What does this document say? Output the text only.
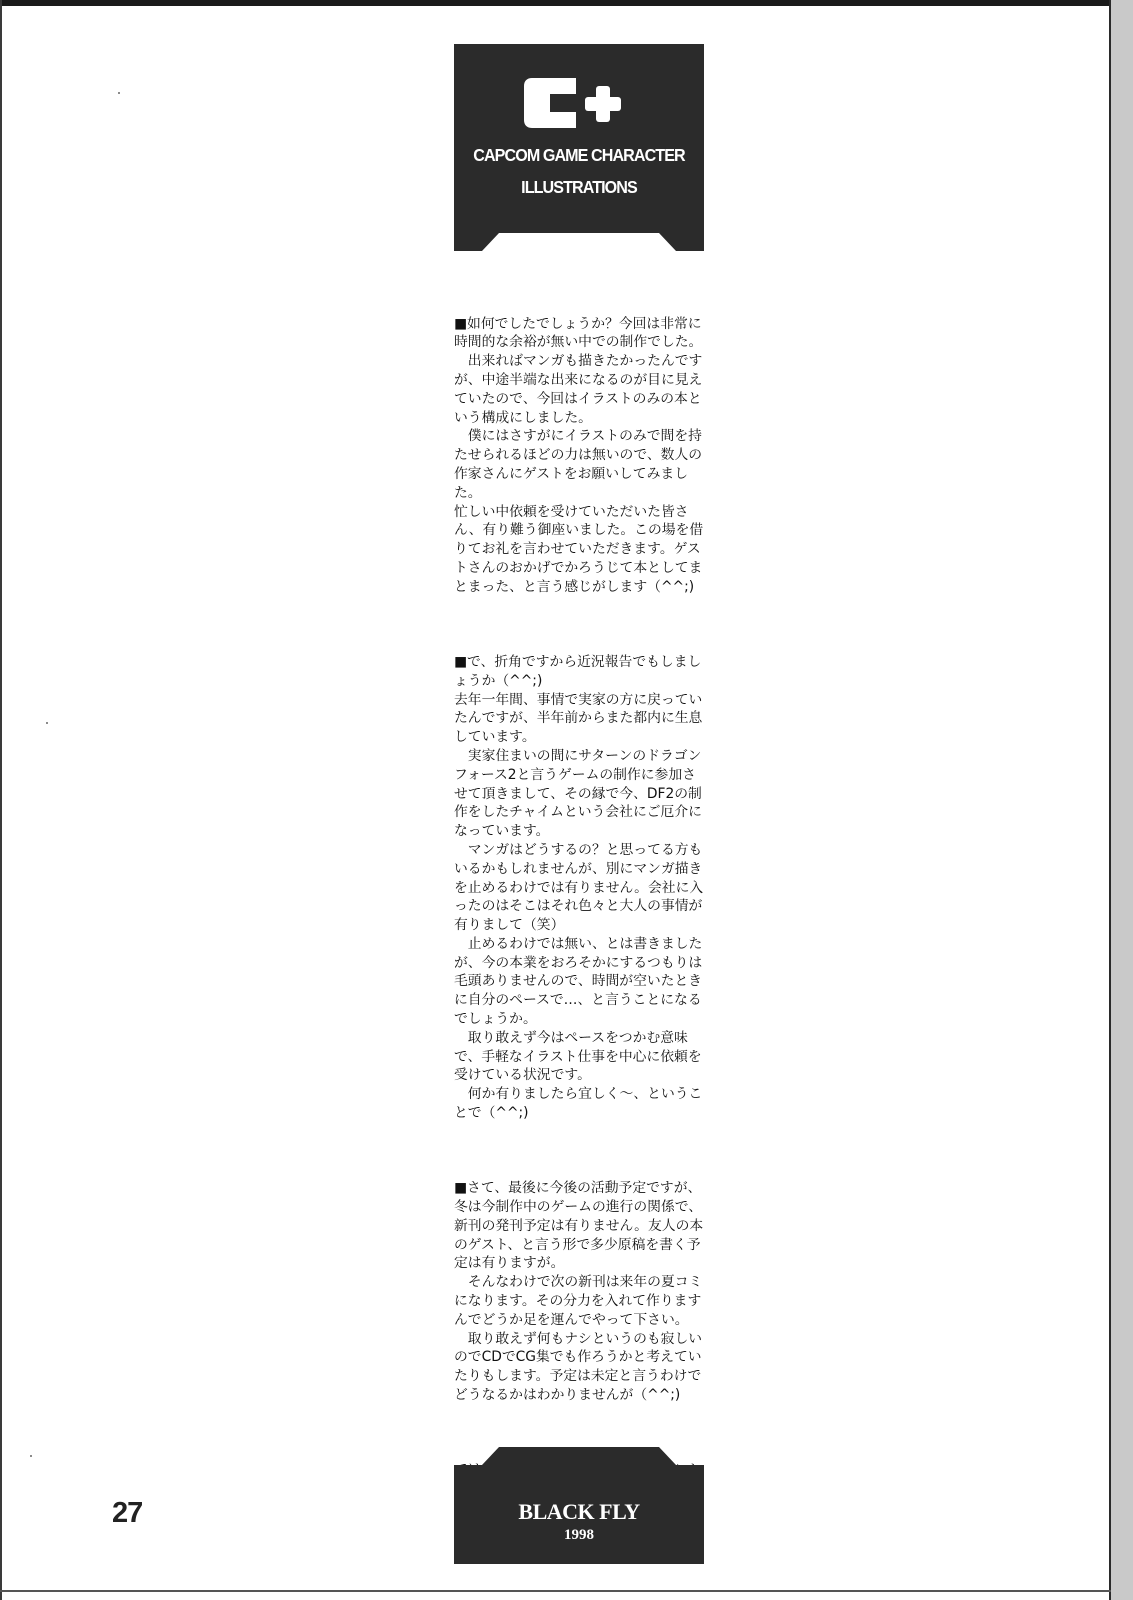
CAPCOM GAME CHARACTER
ILLUSTRATIONS

■如何でしたでしょうか？今回は非常に時間的な余裕が無い中での制作でした。
　出来ればマンガも描きたかったんですが、中途半端な出来になるのが目に見えていたので、今回はイラストのみの本という構成にしました。
　僕にはさすがにイラストのみで間を持たせられるほどの力は無いので、数人の作家さんにゲストをお願いしてみました。
忙しい中依頼を受けていただいた皆さん、有り難う御座いました。この場を借りてお礼を言わせていただきます。ゲストさんのおかげでかろうじて本としてまとまった、と言う感じがします（^^;)

■で、折角ですから近況報告でもしましょうか（^^;)
去年一年間、事情で実家の方に戻っていたんですが、半年前からまた都内に生息しています。
　実家住まいの間にサターンのドラゴンフォース2と言うゲームの制作に参加させて頂きまして、その縁で今、DF2の制作をしたチャイムという会社にご厄介になっています。
　マンガはどうするの？と思ってる方もいるかもしれませんが、別にマンガ描きを止めるわけでは有りません。会社に入ったのはそこはそれ色々と大人の事情が有りまして（笑）
　止めるわけでは無い、とは書きましたが、今の本業をおろそかにするつもりは毛頭ありませんので、時間が空いたときに自分のペースで…、と言うことになるでしょうか。
　取り敢えず今はペースをつかむ意味で、手軽なイラスト仕事を中心に依頼を受けている状況です。
　何か有りましたら宜しく～、ということで（^^;)

■さて、最後に今後の活動予定ですが、冬は今制作中のゲームの進行の関係で、新刊の発刊予定は有りません。友人の本のゲスト、と言う形で多少原稿を書く予定は有りますが。
　そんなわけで次の新刊は来年の夏コミになります。その分力を入れて作りますんでどうか足を運んでやって下さい。
　取り敢えず何もナシというのも寂しいのでCDでCG集でも作ろうかと考えていたりもします。予定は未定と言うわけでどうなるかはわかりませんが（^^;)

BLACK FLY
1998
27
